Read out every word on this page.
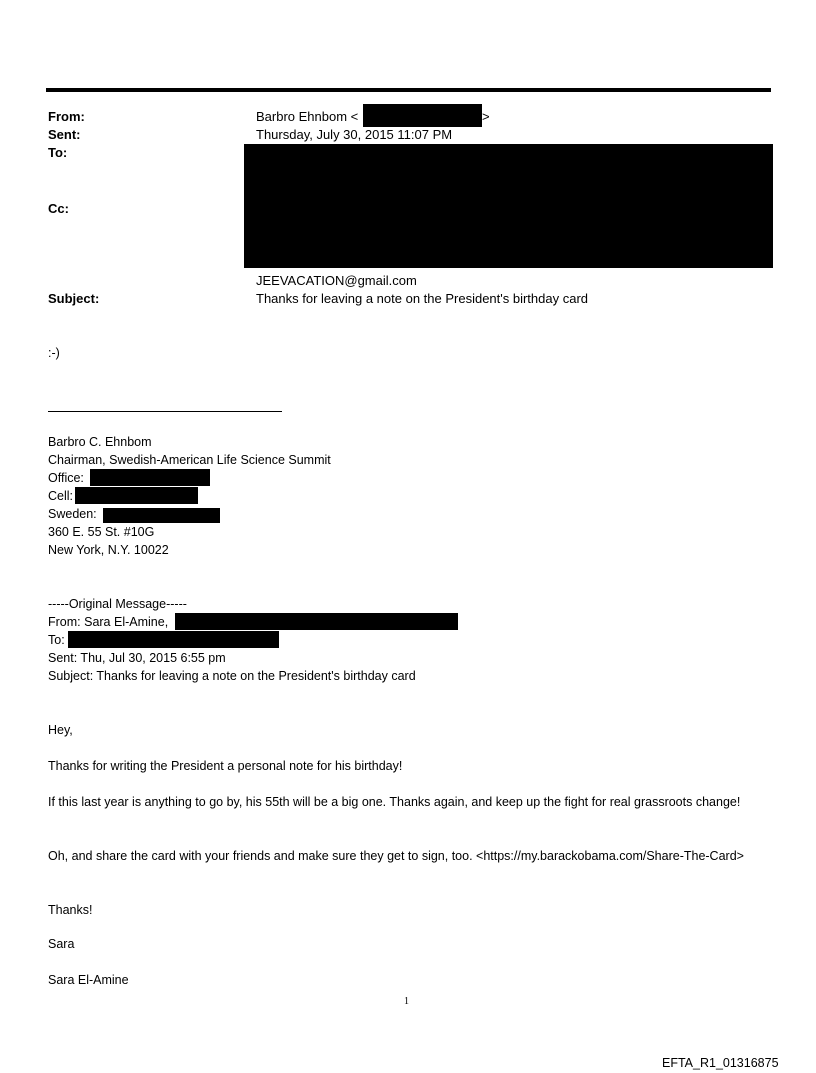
From:
Sent:
To:
Cc:
Subject:
Barbro Ehnbom <	>
Thursday, July 30, 2015 11:07 PM
JEEVACATION@gmail.com
Thanks for leaving a note on the President's birthday card
:-)
Barbro C. Ehnbom
Chairman, Swedish-American Life Science Summit
Office:
Cell:
Sweden:
360 E. 55 St. #10G
New York, N.Y. 10022
-----Original Message-----
From: Sara El-Amine,
To:
Sent: Thu, Jul 30, 2015 6:55 pm
Subject: Thanks for leaving a note on the President's birthday card
Hey,
Thanks for writing the President a personal note for his birthday!
If this last year is anything to go by, his 55th will be a big one. Thanks again, and keep up the fight for real grassroots change!
Oh, and share the card with your friends and make sure they get to sign, too. <https://my.barackobama.com/Share-The-Card>
Thanks!
Sara
Sara El-Amine
1
EFTA_R1_01316875
